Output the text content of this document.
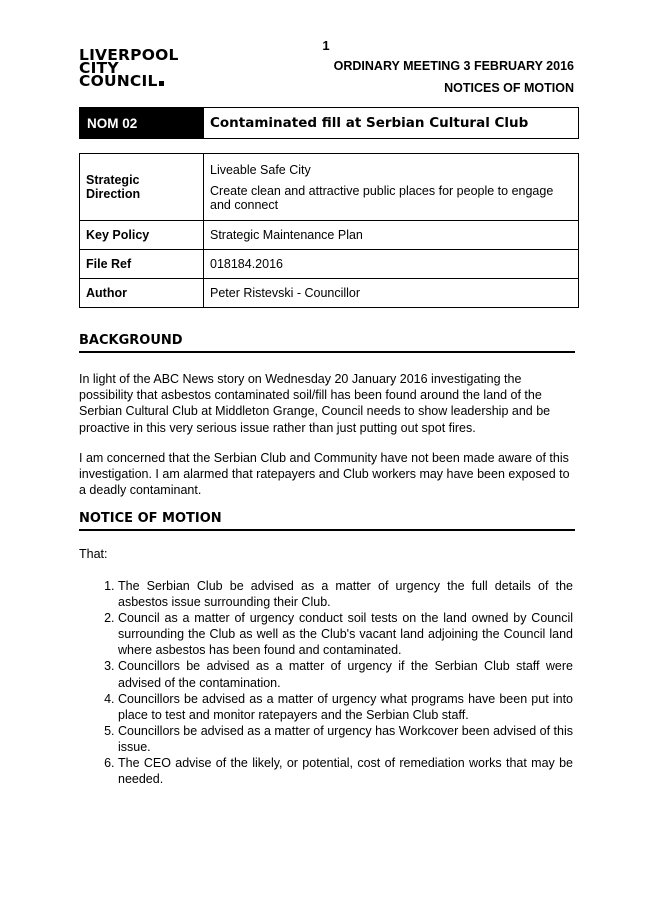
1
LIVERPOOL
CITY
COUNCIL
ORDINARY MEETING 3 FEBRUARY 2016
NOTICES OF MOTION
NOM 02	Contaminated fill at Serbian Cultural Club
Strategic Direction	Liveable Safe City
Create clean and attractive public places for people to engage and connect

Key Policy	Strategic Maintenance Plan
File Ref	018184.2016
Author	Peter Ristevski - Councillor
BACKGROUND

In light of the ABC News story on Wednesday 20 January 2016 investigating the possibility that asbestos contaminated soil/fill has been found around the land of the Serbian Cultural Club at Middleton Grange, Council needs to show leadership and be proactive in this very serious issue rather than just putting out spot fires.

I am concerned that the Serbian Club and Community have not been made aware of this investigation. I am alarmed that ratepayers and Club workers may have been exposed to a deadly contaminant.

NOTICE OF MOTION
That:
1. The Serbian Club be advised as a matter of urgency the full details of the asbestos issue surrounding their Club.
2. Council as a matter of urgency conduct soil tests on the land owned by Council surrounding the Club as well as the Club's vacant land adjoining the Council land where asbestos has been found and contaminated.
3. Councillors be advised as a matter of urgency if the Serbian Club staff were advised of the contamination.
4. Councillors be advised as a matter of urgency what programs have been put into place to test and monitor ratepayers and the Serbian Club staff.
5. Councillors be advised as a matter of urgency has Workcover been advised of this issue.
6. The CEO advise of the likely, or potential, cost of remediation works that may be needed.
